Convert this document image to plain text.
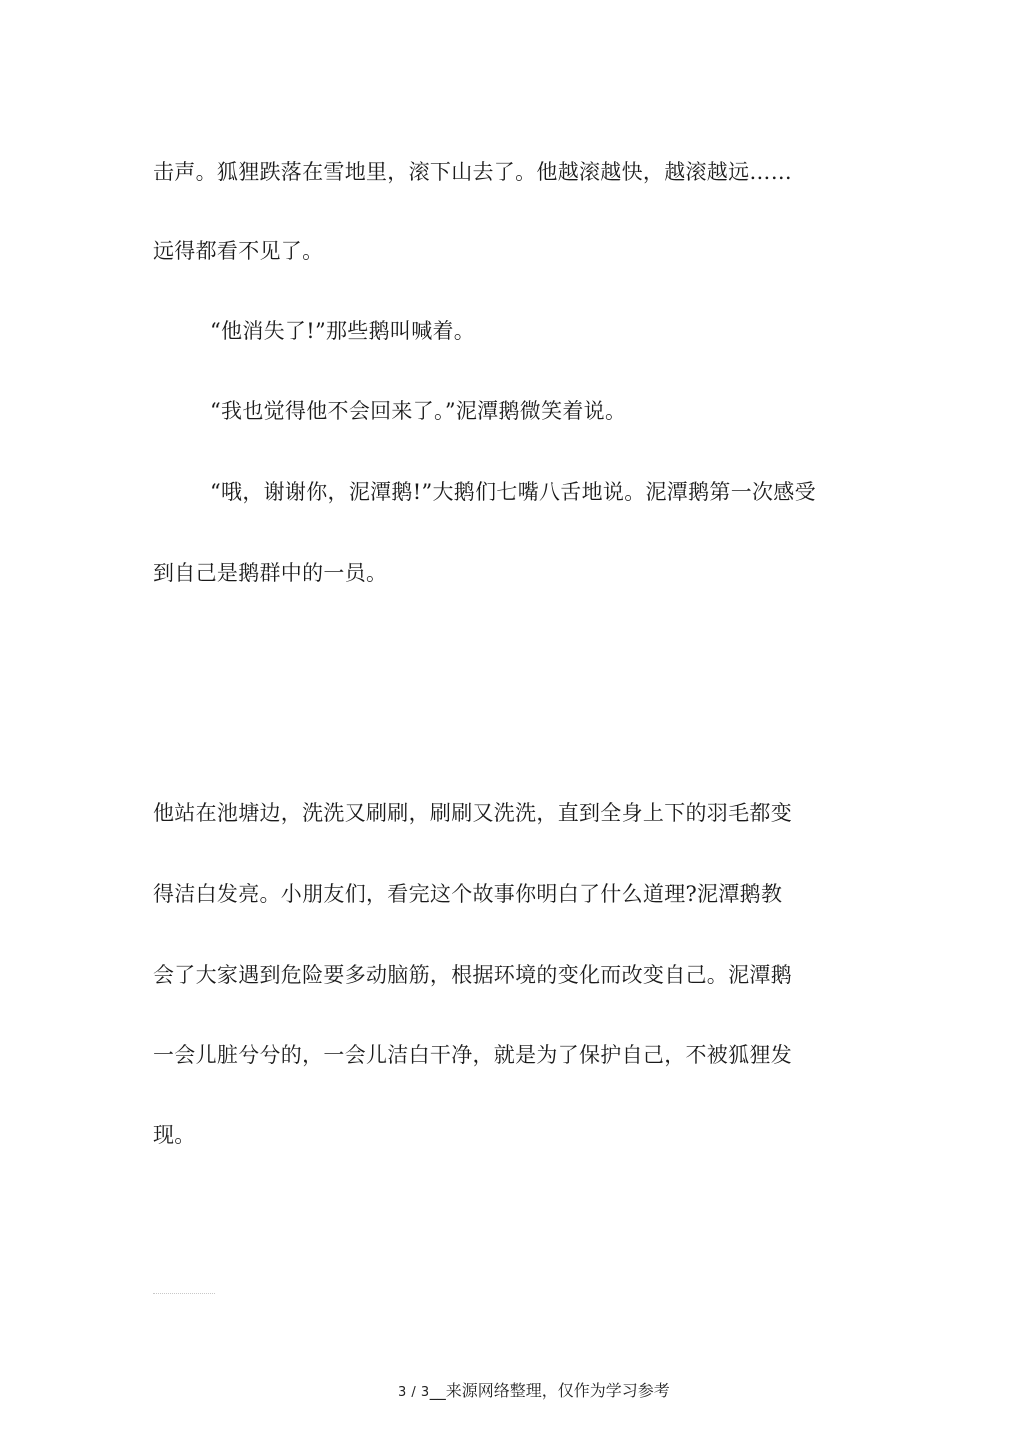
击声。狐狸跌落在雪地里，滚下山去了。他越滚越快，越滚越远……
远得都看不见了。
“他消失了!”那些鹅叫喊着。
“我也觉得他不会回来了。”泥潭鹅微笑着说。
“哦，谢谢你，泥潭鹅!”大鹅们七嘴八舌地说。泥潭鹅第一次感受
到自己是鹅群中的一员。
他站在池塘边，洗洗又刷刷，刷刷又洗洗，直到全身上下的羽毛都变
得洁白发亮。小朋友们，看完这个故事你明白了什么道理?泥潭鹅教
会了大家遇到危险要多动脑筋，根据环境的变化而改变自己。泥潭鹅
一会儿脏兮兮的，一会儿洁白干净，就是为了保护自己，不被狐狸发
现。
3 / 3__来源网络整理，仅作为学习参考
